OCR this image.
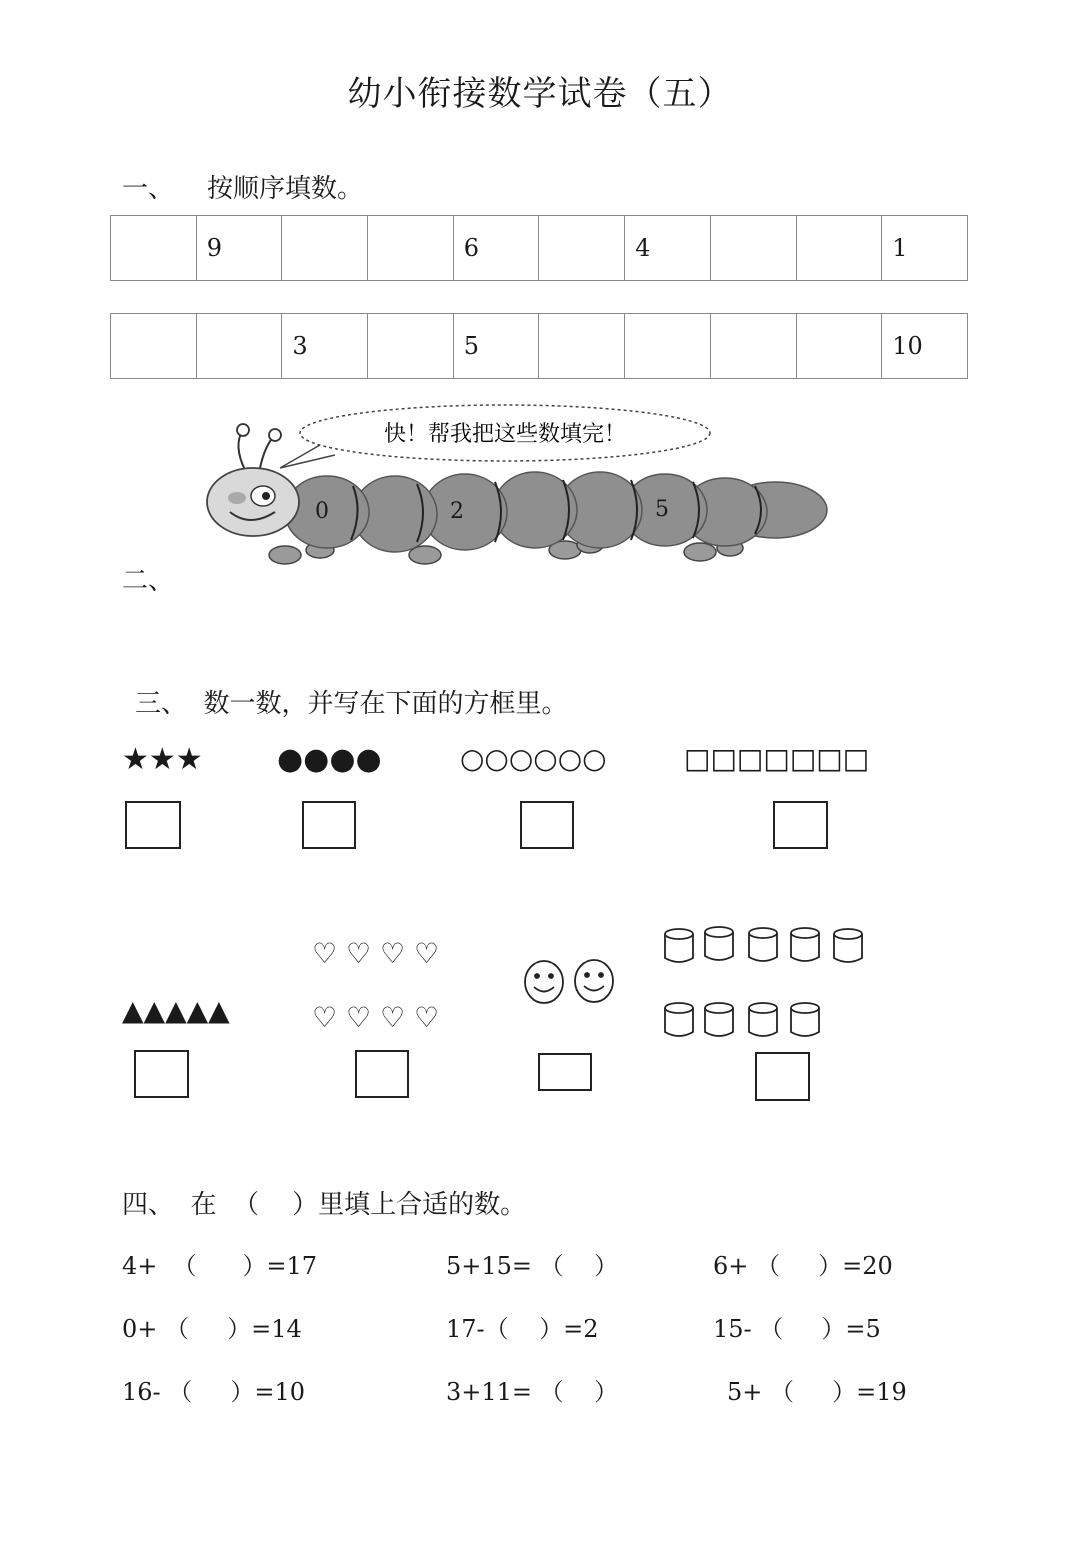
幼小衔接数学试卷（五）
一、    按顺序填数。
	9			6		4			1
		3		5					10
快！帮我把这些数填完！
0	2	5
二、
三、  数一数，并写在下面的方框里。
★★★ ●●●●	○○○○○○	□□□□□□□
▲▲▲▲▲
♡ ♡ ♡ ♡
♡ ♡ ♡ ♡
四、  在  （    ）里填上合适的数。
4+  （      ）=17	5+15= （    ）	6+ （     ）=20
0+ （     ）=14	17-（    ）=2	15- （     ）=5
16- （     ）=10	3+11= （    ）	5+ （     ）=19
